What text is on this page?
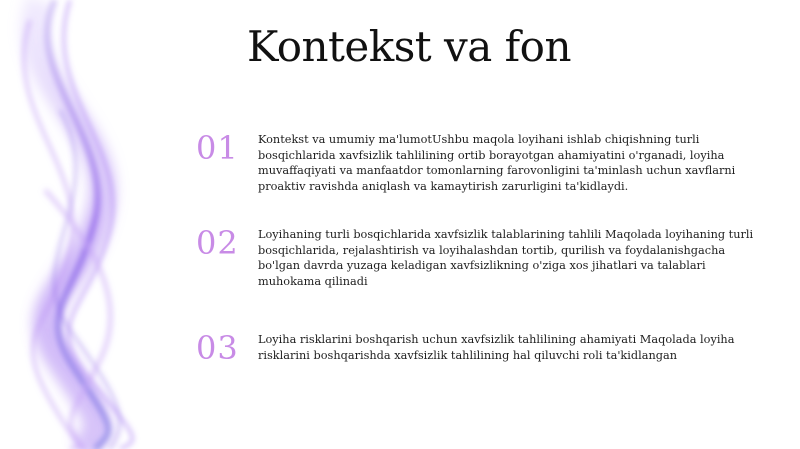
Kontekst va fon
01	Kontekst va umumiy ma'lumotUshbu maqola loyihani ishlab chiqishning turli bosqichlarida xavfsizlik tahlilining ortib borayotgan ahamiyatini o'rganadi, loyiha muvaffaqiyati va manfaatdor tomonlarning farovonligini ta'minlash uchun xavflarni proaktiv ravishda aniqlash va kamaytirish zarurligini ta'kidlaydi.
02	Loyihaning turli bosqichlarida xavfsizlik talablarining tahlili Maqolada loyihaning turli bosqichlarida, rejalashtirish va loyihalashdan tortib, qurilish va foydalanishgacha bo'lgan davrda yuzaga keladigan xavfsizlikning o'ziga xos jihatlari va talablari muhokama qilinadi
03	Loyiha risklarini boshqarish uchun xavfsizlik tahlilining ahamiyati Maqolada loyiha risklarini boshqarishda xavfsizlik tahlilining hal qiluvchi roli ta'kidlangan
